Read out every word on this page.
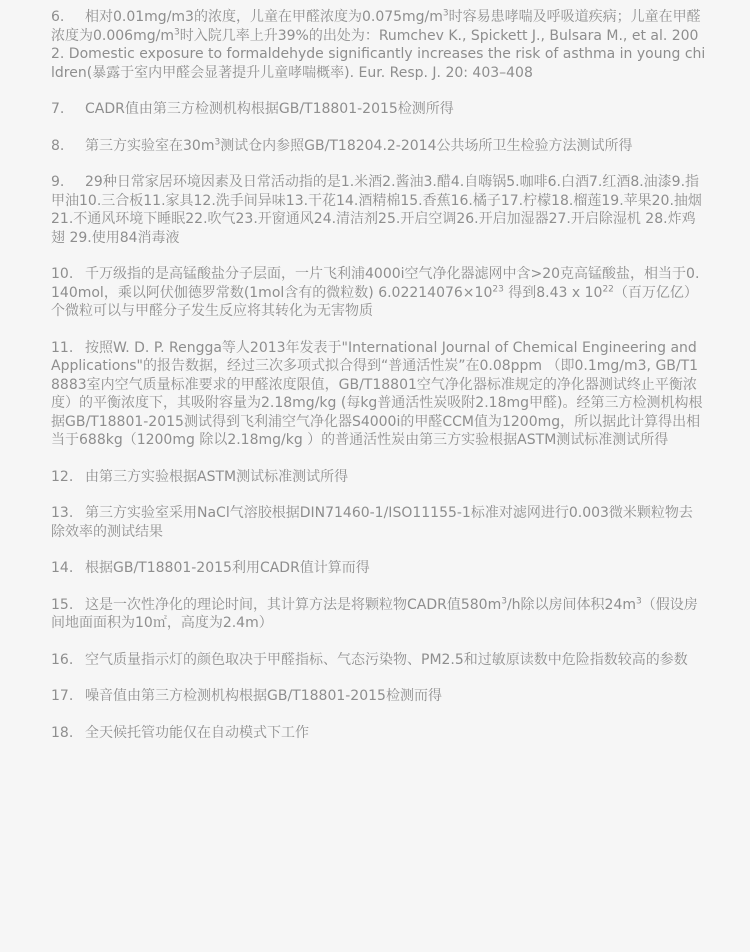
6. 相对0.01mg/m3的浓度，儿童在甲醛浓度为$0.075mg/m^3$时容易患哮喘及呼吸道疾病；儿童在甲醛浓度为$0.006mg/m^3$时入院几率上升39%的出处为：Rumchev K., Spickett J., Bulsara M., et al. 2002. Domestic exposure to formaldehyde significantly increases the risk of asthma in young children(暴露于室内甲醛会显著提升儿童哮喘概率). Eur. Resp. J. 20: 403–408
7. CADR值由第三方检测机构根据GB/T18801-2015检测所得
8. 第三方实验室在$30m^3$测试仓内参照GB/T18204.2-2014公共场所卫生检验方法测试所得
9. 29种日常家居环境因素及日常活动指的是1.米酒2.酱油3.醋4.自嗨锅5.咖啡6.白酒7.红酒8.油漆9.指甲油10.三合板11.家具12.洗手间异味13.干花14.酒精棉15.香蕉16.橘子17.柠檬18.榴莲19.苹果20.抽烟21.不通风环境下睡眠22.吹气23.开窗通风24.清洁剂25.开启空调26.开启加湿器27.开启除湿机 28.炸鸡翅 29.使用84消毒液
10. 千万级指的是高锰酸盐分子层面，一片飞利浦4000i空气净化器滤网中含>20克高锰酸盐，相当于0.140mol，乘以阿伏伽德罗常数(1mol含有的微粒数) $6.02214076\times 10^{23}$ 得到8.43 x $10^{22}$（百万亿亿）个微粒可以与甲醛分子发生反应将其转化为无害物质
11. 按照W. D. P. Rengga等人2013年发表于"International Journal of Chemical Engineering and Applications"的报告数据，经过三次多项式拟合得到“普通活性炭”在0.08ppm （即0.1mg/m3, GB/T18883室内空气质量标准要求的甲醛浓度限值，GB/T18801空气净化器标准规定的净化器测试终止平衡浓度）的平衡浓度下，其吸附容量为2.18mg/kg (每kg普通活性炭吸附2.18mg甲醛)。经第三方检测机构根据GB/T18801-2015测试得到飞利浦空气净化器S4000i的甲醛CCM值为1200mg，所以据此计算得出相当于688kg（1200mg 除以2.18mg/kg ）的普通活性炭由第三方实验根据ASTM测试标准测试所得
12. 由第三方实验根据ASTM测试标准测试所得
13. 第三方实验室采用NaCl气溶胶根据DIN71460-1/ISO11155-1标准对滤网进行0.003微米颗粒物去除效率的测试结果
14. 根据GB/T18801-2015利用CADR值计算而得
15. 这是一次性净化的理论时间，其计算方法是将颗粒物CADR值$580m^3/h$除以房间体积$24m^3$（假设房间地面面积为10㎡，高度为2.4m）
16. 空气质量指示灯的颜色取决于甲醛指标、气态污染物、PM2.5和过敏原读数中危险指数较高的参数
17. 噪音值由第三方检测机构根据GB/T18801-2015检测而得
18. 全天候托管功能仅在自动模式下工作
